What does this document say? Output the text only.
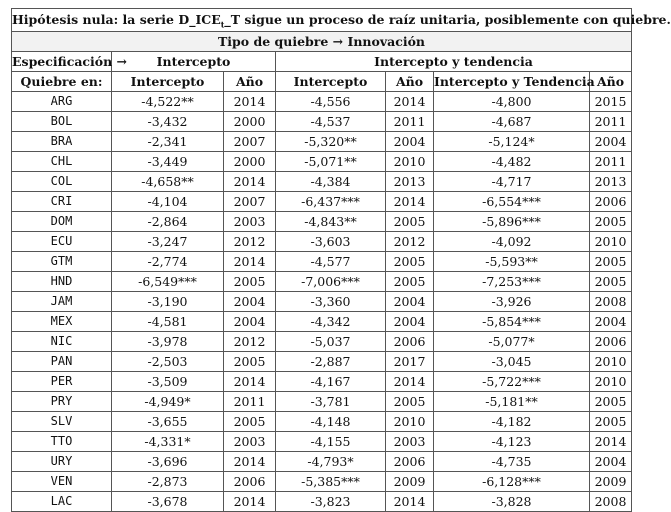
Hipótesis nula: la serie $D\_ICE_t\_T$ sigue un proceso de raíz unitaria, posiblemente con quiebre.						
Tipo de quiebre → Innovación						
Especificación →	Intercepto		Intercepto y tendencia			
Quiebre en:	Intercepto	Año	Intercepto	Año	Intercepto y Tendencia	Año
ARG	-4,522**	2014	-4,556	2014	-4,800	2015
BOL	-3,432	2000	-4,537	2011	-4,687	2011
BRA	-2,341	2007	-5,320**	2004	-5,124*	2004
CHL	-3,449	2000	-5,071**	2010	-4,482	2011
COL	-4,658**	2014	-4,384	2013	-4,717	2013
CRI	-4,104	2007	-6,437***	2014	-6,554***	2006
DOM	-2,864	2003	-4,843**	2005	-5,896***	2005
ECU	-3,247	2012	-3,603	2012	-4,092	2010
GTM	-2,774	2014	-4,577	2005	-5,593**	2005
HND	-6,549***	2005	-7,006***	2005	-7,253***	2005
JAM	-3,190	2004	-3,360	2004	-3,926	2008
MEX	-4,581	2004	-4,342	2004	-5,854***	2004
NIC	-3,978	2012	-5,037	2006	-5,077*	2006
PAN	-2,503	2005	-2,887	2017	-3,045	2010
PER	-3,509	2014	-4,167	2014	-5,722***	2010
PRY	-4,949*	2011	-3,781	2005	-5,181**	2005
SLV	-3,655	2005	-4,148	2010	-4,182	2005
TTO	-4,331*	2003	-4,155	2003	-4,123	2014
URY	-3,696	2014	-4,793*	2006	-4,735	2004
VEN	-2,873	2006	-5,385***	2009	-6,128***	2009
LAC	-3,678	2014	-3,823	2014	-3,828	2008
